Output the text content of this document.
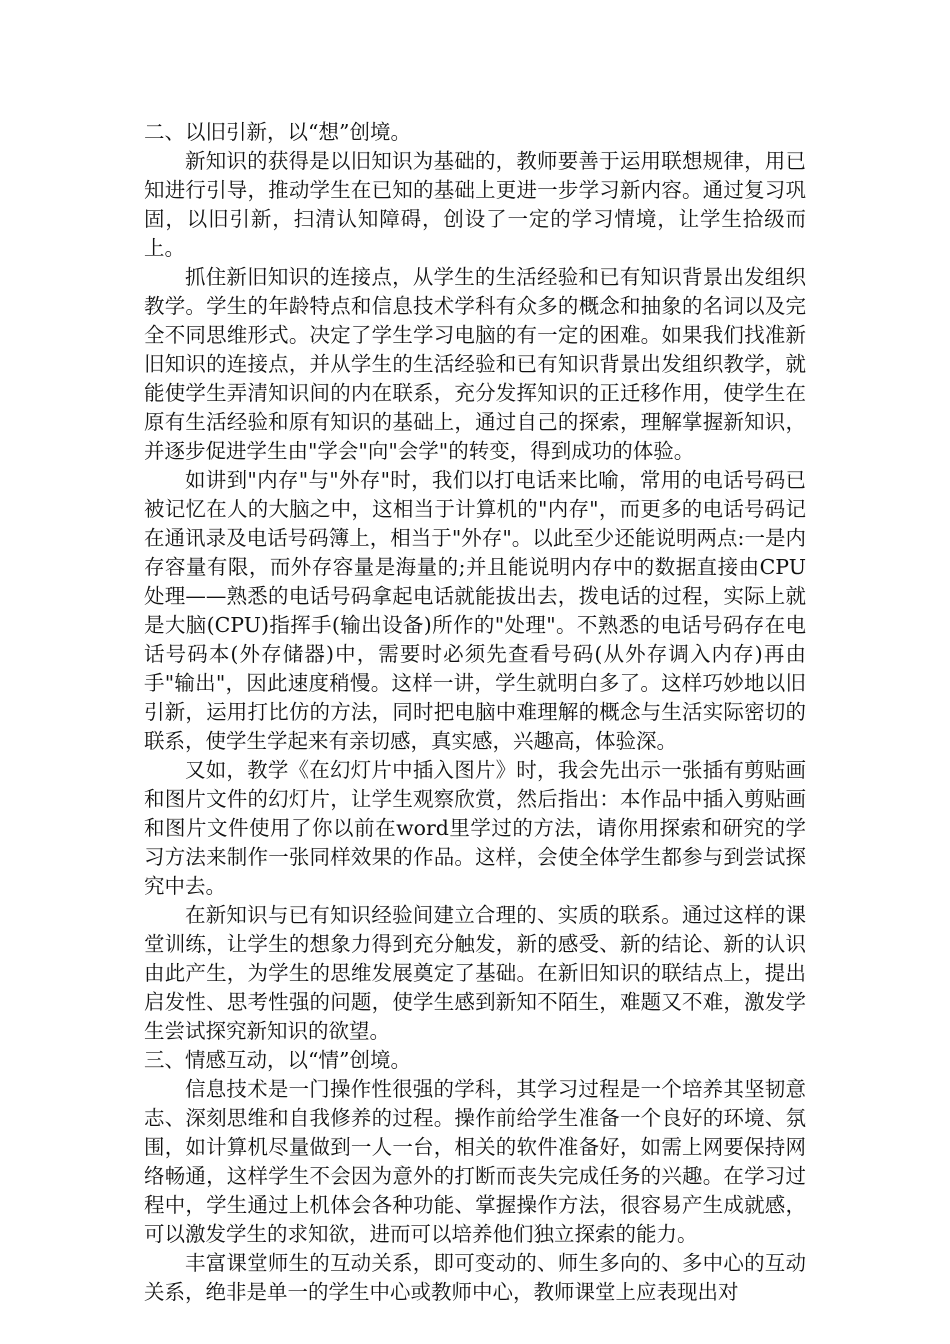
二、以旧引新，以“想”创境。

新知识的获得是以旧知识为基础的，教师要善于运用联想规律，用已知进行引导，推动学生在已知的基础上更进一步学习新内容。通过复习巩固，以旧引新，扫清认知障碍，创设了一定的学习情境，让学生拾级而上。

抓住新旧知识的连接点，从学生的生活经验和已有知识背景出发组织教学。学生的年龄特点和信息技术学科有众多的概念和抽象的名词以及完全不同思维形式。决定了学生学习电脑的有一定的困难。如果我们找准新旧知识的连接点，并从学生的生活经验和已有知识背景出发组织教学，就能使学生弄清知识间的内在联系，充分发挥知识的正迁移作用，使学生在原有生活经验和原有知识的基础上，通过自己的探索，理解掌握新知识，并逐步促进学生由"学会"向"会学"的转变，得到成功的体验。

如讲到"内存"与"外存"时，我们以打电话来比喻，常用的电话号码已被记忆在人的大脑之中，这相当于计算机的"内存"，而更多的电话号码记在通讯录及电话号码簿上，相当于"外存"。以此至少还能说明两点:一是内存容量有限，而外存容量是海量的;并且能说明内存中的数据直接由CPU处理——熟悉的电话号码拿起电话就能拔出去，拨电话的过程，实际上就是大脑(CPU)指挥手(输出设备)所作的"处理"。不熟悉的电话号码存在电话号码本(外存储器)中，需要时必须先查看号码(从外存调入内存)再由手"输出"，因此速度稍慢。这样一讲，学生就明白多了。这样巧妙地以旧引新，运用打比仿的方法，同时把电脑中难理解的概念与生活实际密切的联系，使学生学起来有亲切感，真实感，兴趣高，体验深。

又如，教学《在幻灯片中插入图片》时，我会先出示一张插有剪贴画和图片文件的幻灯片，让学生观察欣赏，然后指出：本作品中插入剪贴画和图片文件使用了你以前在word里学过的方法，请你用探索和研究的学习方法来制作一张同样效果的作品。这样，会使全体学生都参与到尝试探究中去。

在新知识与已有知识经验间建立合理的、实质的联系。通过这样的课堂训练，让学生的想象力得到充分触发，新的感受、新的结论、新的认识由此产生，为学生的思维发展奠定了基础。在新旧知识的联结点上，提出启发性、思考性强的问题，使学生感到新知不陌生，难题又不难，激发学生尝试探究新知识的欲望。

三、情感互动，以“情”创境。

信息技术是一门操作性很强的学科，其学习过程是一个培养其坚韧意志、深刻思维和自我修养的过程。操作前给学生准备一个良好的环境、氛围，如计算机尽量做到一人一台，相关的软件准备好，如需上网要保持网络畅通，这样学生不会因为意外的打断而丧失完成任务的兴趣。在学习过程中，学生通过上机体会各种功能、掌握操作方法，很容易产生成就感，可以激发学生的求知欲，进而可以培养他们独立探索的能力。

丰富课堂师生的互动关系，即可变动的、师生多向的、多中心的互动关系，绝非是单一的学生中心或教师中心，教师课堂上应表现出对
